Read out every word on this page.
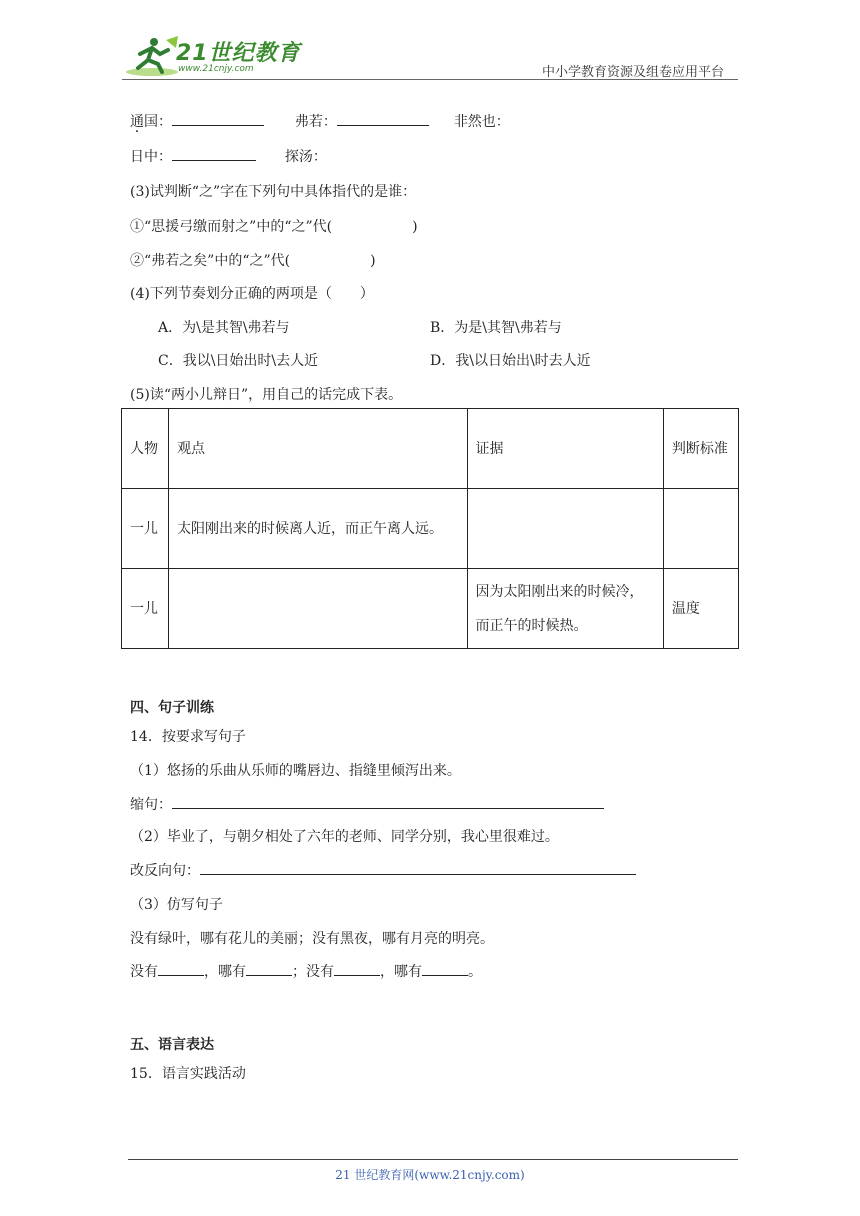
21世纪教育
www.21cnjy.com	中小学教育资源及组卷应用平台
通国：	弗若：	非然也：
日中：	探汤：
(3)试判断“之”字在下列句中具体指代的是谁：
①“思援弓缴而射之”中的“之”代(	)
②“弗若之矣”中的“之”代(	)
(4)下列节奏划分正确的两项是（　　）
A．为\是其智\弗若与	B．为是\其智\弗若与
C．我以\日始出时\去人近	D．我\以日始出\时去人近
(5)读“两小儿辩日”，用自己的话完成下表。
人物	观点	证据	判断标准
一儿	太阳刚出来的时候离人近，而正午离人远。		
一儿		因为太阳刚出来的时候冷，而正午的时候热。	温度
四、句子训练
14．按要求写句子
（1）悠扬的乐曲从乐师的嘴唇边、指缝里倾泻出来。
缩句：
（2）毕业了，与朝夕相处了六年的老师、同学分别，我心里很难过。
改反向句：
（3）仿写句子
没有绿叶，哪有花儿的美丽；没有黑夜，哪有月亮的明亮。
没有	，哪有	；没有	，哪有	。
五、语言表达
15．语言实践活动
21 世纪教育网(www.21cnjy.com)
